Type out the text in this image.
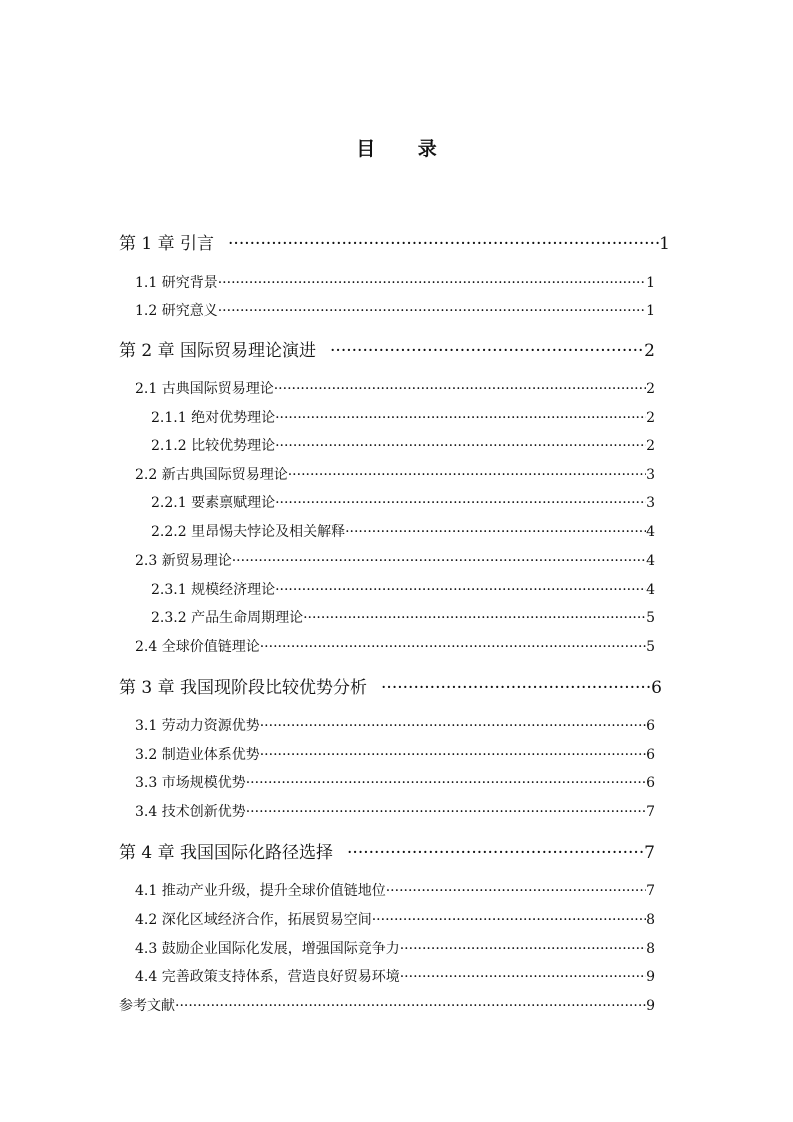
目 录
第 1 章 引言 ·····	1
1.1 研究背景 ·····	1
1.2 研究意义 ·····	1
第 2 章 国际贸易理论演进 ·····	2
2.1 古典国际贸易理论 ·····	2
2.1.1 绝对优势理论 ·····	2
2.1.2 比较优势理论 ·····	2
2.2 新古典国际贸易理论 ·····	3
2.2.1 要素禀赋理论 ·····	3
2.2.2 里昂惕夫悖论及相关解释 ·····	4
2.3 新贸易理论 ·····	4
2.3.1 规模经济理论 ·····	4
2.3.2 产品生命周期理论 ·····	5
2.4 全球价值链理论 ·····	5
第 3 章 我国现阶段比较优势分析 ·····	6
3.1 劳动力资源优势 ·····	6
3.2 制造业体系优势 ·····	6
3.3 市场规模优势 ·····	6
3.4 技术创新优势 ·····	7
第 4 章 我国国际化路径选择 ·····	7
4.1 推动产业升级，提升全球价值链地位 ·····	7
4.2 深化区域经济合作，拓展贸易空间 ·····	8
4.3 鼓励企业国际化发展，增强国际竞争力 ·····	8
4.4 完善政策支持体系，营造良好贸易环境 ·····	9
参考文献 ·····	9
